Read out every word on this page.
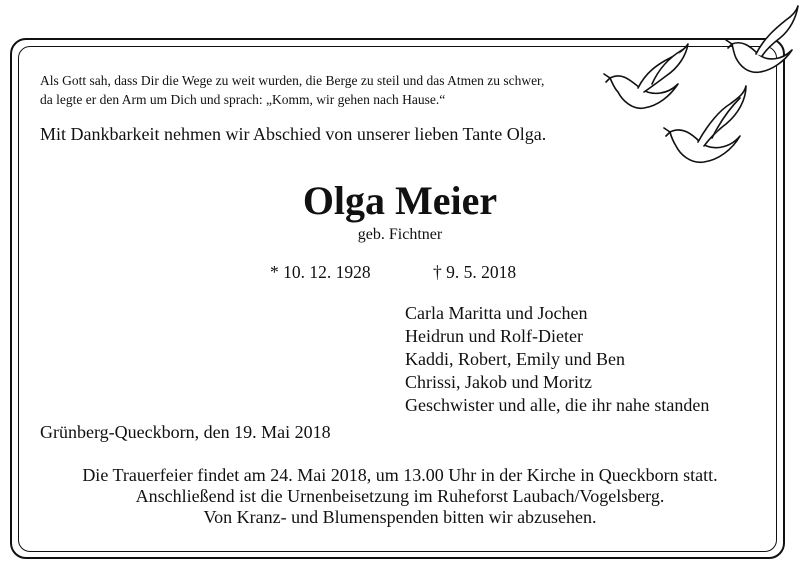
Als Gott sah, dass Dir die Wege zu weit wurden, die Berge zu steil und das Atmen zu schwer,
da legte er den Arm um Dich und sprach: „Komm, wir gehen nach Hause.“
Mit Dankbarkeit nehmen wir Abschied von unserer lieben Tante Olga.
Olga Meier
geb. Fichtner
* 10. 12. 1928	† 9. 5. 2018
Carla Maritta und Jochen
Heidrun und Rolf-Dieter
Kaddi, Robert, Emily und Ben
Chrissi, Jakob und Moritz
Geschwister und alle, die ihr nahe standen
Grünberg-Queckborn, den 19. Mai 2018
Die Trauerfeier findet am 24. Mai 2018, um 13.00 Uhr in der Kirche in Queckborn statt.
Anschließend ist die Urnenbeisetzung im Ruheforst Laubach/Vogelsberg.
Von Kranz- und Blumenspenden bitten wir abzusehen.
